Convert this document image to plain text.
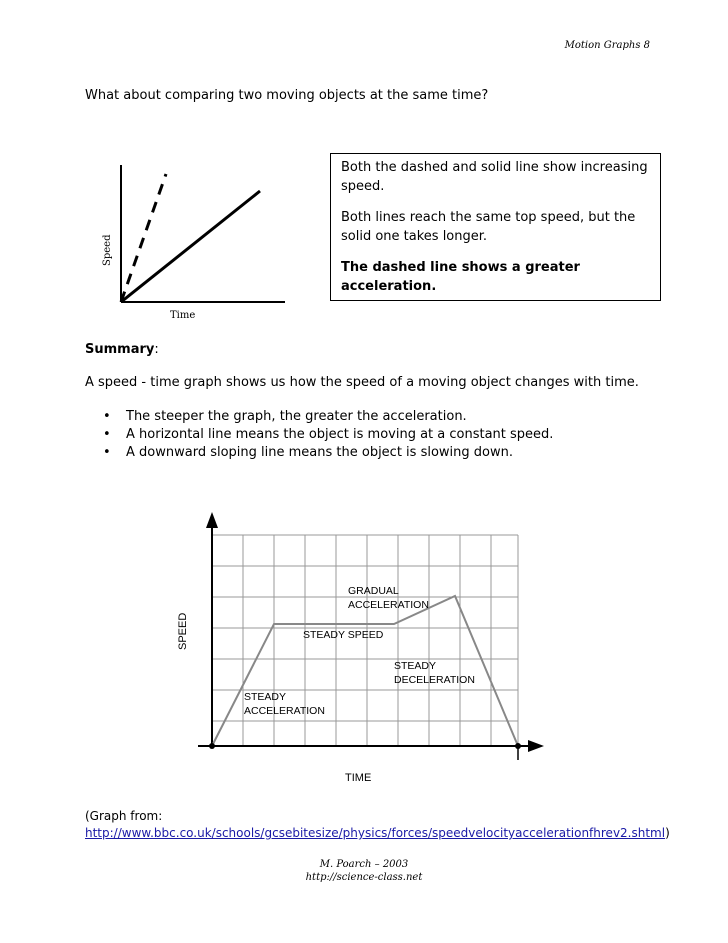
Motion Graphs 8
What about comparing two moving objects at the same time?
Speed
Time

Both the dashed and solid line show increasing speed.

Both lines reach the same top speed, but the solid one takes longer.

The dashed line shows a greater acceleration.

Summary:
A speed - time graph shows us how the speed of a moving object changes with time.
• The steeper the graph, the greater the acceleration.
• A horizontal line means the object is moving at a constant speed.
• A downward sloping line means the object is slowing down.
SPEED
TIME
STEADY
ACCELERATION
STEADY SPEED
GRADUAL
ACCELERATION
STEADY
DECELERATION
(Graph from:
http://www.bbc.co.uk/schools/gcsebitesize/physics/forces/speedvelocityaccelerationfhrev2.shtml)
M. Poarch – 2003
http://science-class.net
